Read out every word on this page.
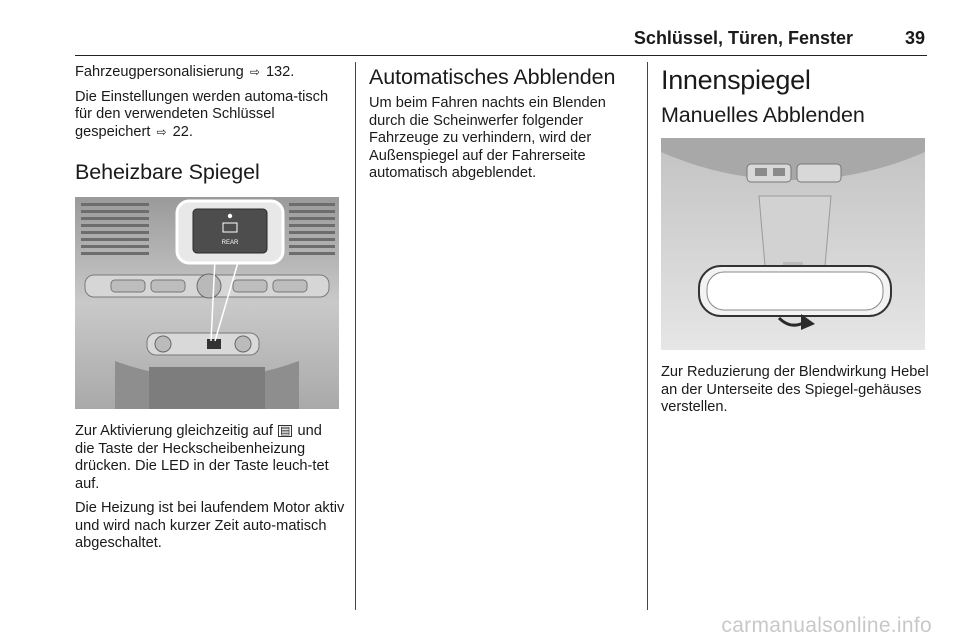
Schlüssel, Türen, Fenster	39

Fahrzeugpersonalisierung ⇨ 132.

Die Einstellungen werden automa-tisch für den verwendeten Schlüssel gespeichert ⇨ 22.

Beheizbare Spiegel
REAR

Zur Aktivierung gleichzeitig auf ▤ und die Taste der Heckscheibenheizung drücken. Die LED in der Taste leuch-tet auf.

Die Heizung ist bei laufendem Motor aktiv und wird nach kurzer Zeit auto-matisch abgeschaltet.

Automatisches Abblenden

Um beim Fahren nachts ein Blenden durch die Scheinwerfer folgender Fahrzeuge zu verhindern, wird der Außenspiegel auf der Fahrerseite automatisch abgeblendet.

Innenspiegel
Manuelles Abblenden

Zur Reduzierung der Blendwirkung Hebel an der Unterseite des Spiegel-gehäuses verstellen.

carmanualsonline.info
